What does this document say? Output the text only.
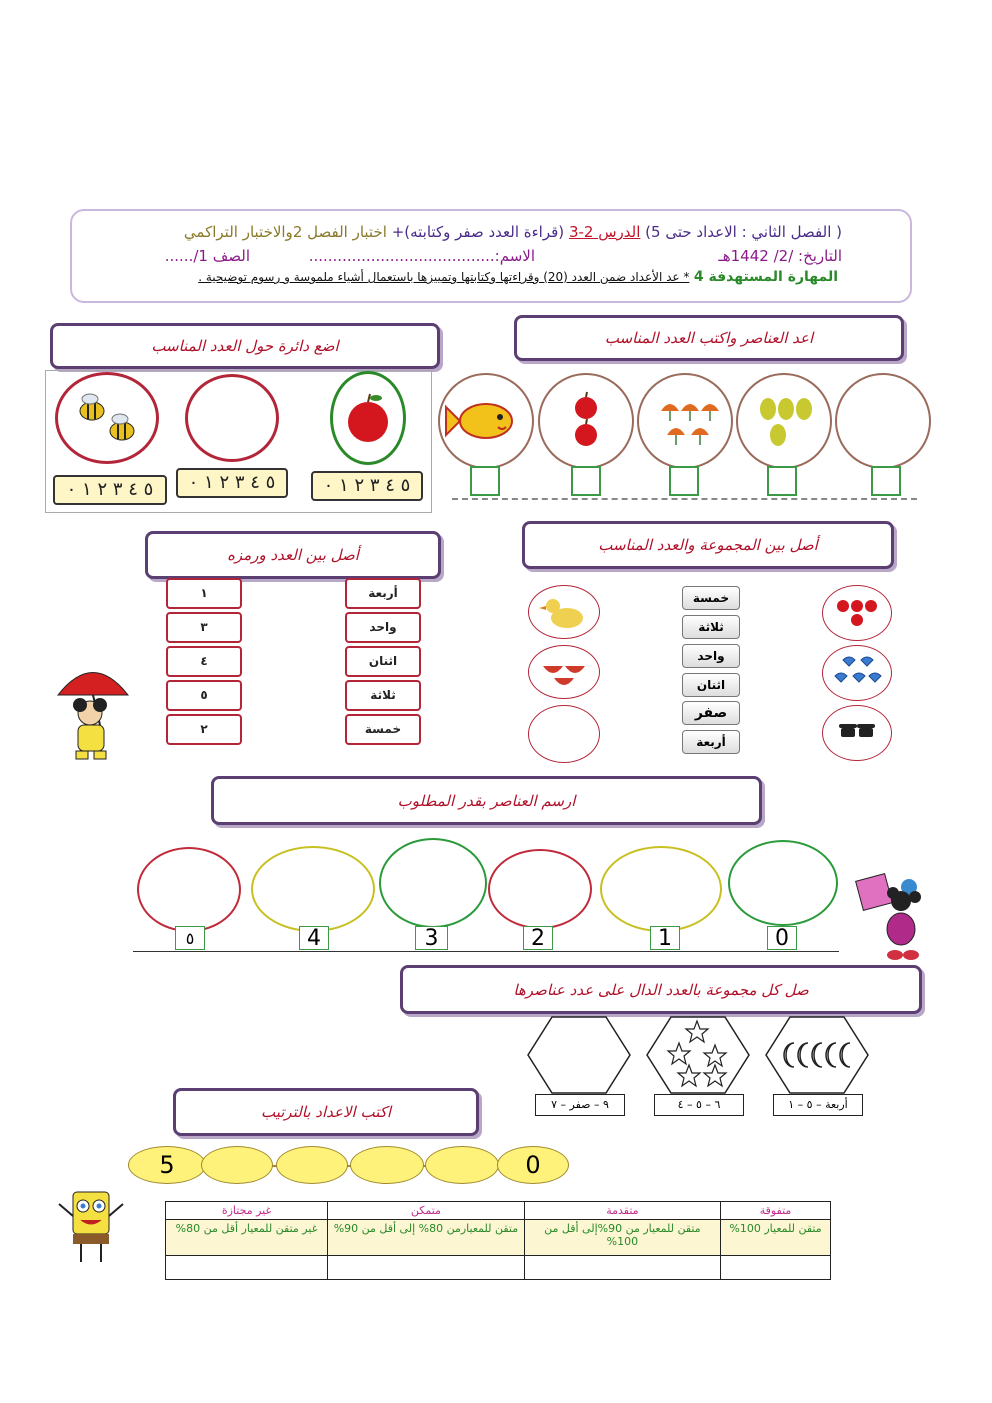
( الفصل الثاني : الاعداد حتى 5) الدرس 2-3 (قراءة العدد صفر وكتابته)+ اختبار الفصل 2والاختبار التراكمي
التاريخ: /2/ 1442هـ
الاسم:.......................................
الصف 1/......
المهارة المستهدفة 4 * عد الأعداد ضمن العدد (20) وقراءتها وكتابتها وتمييزها باستعمال أشياء ملموسة و رسوم توضيحية .
اعد العناصر واكتب العدد المناسب
اضع دائرة حول العدد المناسب
أصل بين المجموعة والعدد المناسب
أصل بين العدد ورمزه
ارسم العناصر بقدر المطلوب
صل كل مجموعة بالعدد الدال على عدد عناصرها
اكتب الاعداد بالترتيب
٥ ٤ ٣ ٢ ١ ٠	٥ ٤ ٣ ٢ ١ ٠	٥ ٤ ٣ ٢ ١ ٠
خمسة
ثلاثة
واحد
اثنان
صفر
أربعة
أربعة
واحد
اثنان
ثلاثة
خمسة
١
٣
٤
٥
٢
٥	4	3	2	1	0
٩ – صفر – ٧	٦ – ٥ – ٤	أربعة – ٥ – ١
5	0
متفوقة	متقدمة	متمكن	غير مجتازة
متقن للمعيار 100%	متقن للمعيار من 90%إلى أقل من 100%	متقن للمعيارمن 80% إلى أقل من 90%	غير متقن للمعيار أقل من 80%
